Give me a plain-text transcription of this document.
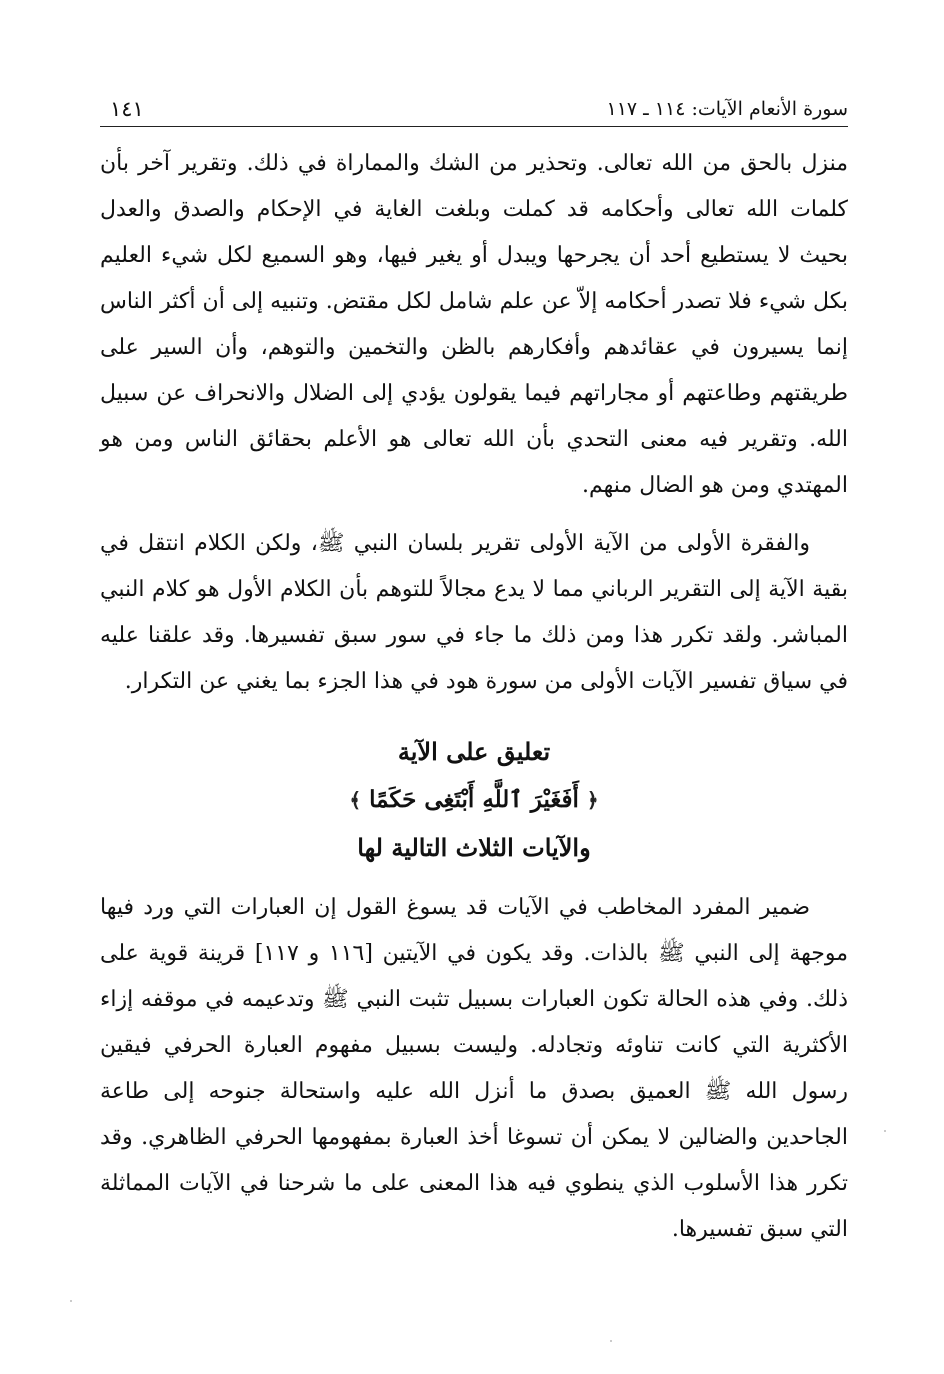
سورة الأنعام الآيات: ١١٤ ـ ١١٧
١٤١

منزل بالحق من الله تعالى. وتحذير من الشك والمماراة في ذلك. وتقرير آخر بأن كلمات الله تعالى وأحكامه قد كملت وبلغت الغاية في الإحكام والصدق والعدل بحيث لا يستطيع أحد أن يجرحها ويبدل أو يغير فيها، وهو السميع لكل شيء العليم بكل شيء فلا تصدر أحكامه إلاّ عن علم شامل لكل مقتض. وتنبيه إلى أن أكثر الناس إنما يسيرون في عقائدهم وأفكارهم بالظن والتخمين والتوهم، وأن السير على طريقتهم وطاعتهم أو مجاراتهم فيما يقولون يؤدي إلى الضلال والانحراف عن سبيل الله. وتقرير فيه معنى التحدي بأن الله تعالى هو الأعلم بحقائق الناس ومن هو المهتدي ومن هو الضال منهم.

والفقرة الأولى من الآية الأولى تقرير بلسان النبي ﷺ، ولكن الكلام انتقل في بقية الآية إلى التقرير الرباني مما لا يدع مجالاً للتوهم بأن الكلام الأول هو كلام النبي المباشر. ولقد تكرر هذا ومن ذلك ما جاء في سور سبق تفسيرها. وقد علقنا عليه في سياق تفسير الآيات الأولى من سورة هود في هذا الجزء بما يغني عن التكرار.

تعليق على الآية
﴿ أَفَغَيْرَ ٱللَّهِ أَبْتَغِى حَكَمًا ﴾
والآيات الثلاث التالية لها

ضمير المفرد المخاطب في الآيات قد يسوغ القول إن العبارات التي ورد فيها موجهة إلى النبي ﷺ بالذات. وقد يكون في الآيتين [١١٦ و ١١٧] قرينة قوية على ذلك. وفي هذه الحالة تكون العبارات بسبيل تثبت النبي ﷺ وتدعيمه في موقفه إزاء الأكثرية التي كانت تناوئه وتجادله. وليست بسبيل مفهوم العبارة الحرفي فيقين رسول الله ﷺ العميق بصدق ما أنزل الله عليه واستحالة جنوحه إلى طاعة الجاحدين والضالين لا يمكن أن تسوغا أخذ العبارة بمفهومها الحرفي الظاهري. وقد تكرر هذا الأسلوب الذي ينطوي فيه هذا المعنى على ما شرحنا في الآيات المماثلة التي سبق تفسيرها.
